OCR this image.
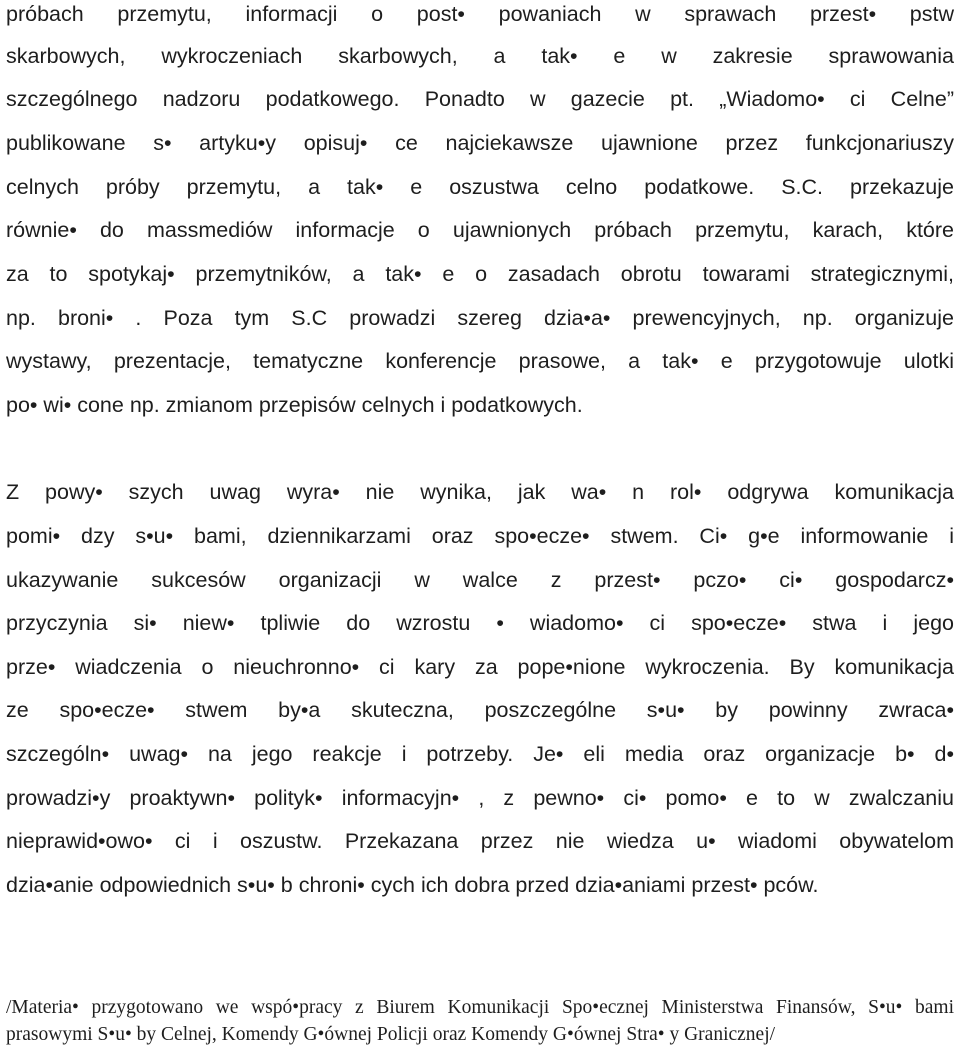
próbach przemytu, informacji o post• powaniach w sprawach przest• pstw
skarbowych, wykroczeniach skarbowych, a tak• e w zakresie sprawowania
szczególnego nadzoru podatkowego. Ponadto w gazecie pt. „Wiadomo• ci Celne”
publikowane s• artyku•y opisuj• ce najciekawsze ujawnione przez funkcjonariuszy
celnych próby przemytu, a tak• e oszustwa celno podatkowe. S.C. przekazuje
równie• do massmediów informacje o ujawnionych próbach przemytu, karach, które
za to spotykaj• przemytników, a tak• e o zasadach obrotu towarami strategicznymi,
np. broni• . Poza tym S.C prowadzi szereg dzia•a• prewencyjnych, np. organizuje
wystawy, prezentacje, tematyczne konferencje prasowe, a tak• e przygotowuje ulotki
po• wi• cone np. zmianom przepisów celnych i podatkowych.
Z powy• szych uwag wyra• nie wynika, jak wa• n rol• odgrywa komunikacja
pomi• dzy s•u• bami, dziennikarzami oraz spo•ecze• stwem. Ci• g•e informowanie i
ukazywanie sukcesów organizacji w walce z przest• pczo• ci• gospodarcz•
przyczynia si• niew• tpliwie do wzrostu • wiadomo• ci spo•ecze• stwa i jego
prze• wiadczenia o nieuchronno• ci kary za pope•nione wykroczenia. By komunikacja
ze spo•ecze• stwem by•a skuteczna, poszczególne s•u• by powinny zwraca•
szczególn• uwag• na jego reakcje i potrzeby. Je• eli media oraz organizacje b• d•
prowadzi•y proaktywn• polityk• informacyjn• , z pewno• ci• pomo• e to w zwalczaniu
nieprawid•owo• ci i oszustw. Przekazana przez nie wiedza u• wiadomi obywatelom
dzia•anie odpowiednich s•u• b chroni• cych ich dobra przed dzia•aniami przest• pców.
/Materia• przygotowano we wspó•pracy z Biurem Komunikacji Spo•ecznej Ministerstwa Finansów, S•u• bami
prasowymi S•u• by Celnej, Komendy G•ównej Policji oraz Komendy G•ównej Stra• y Granicznej/
